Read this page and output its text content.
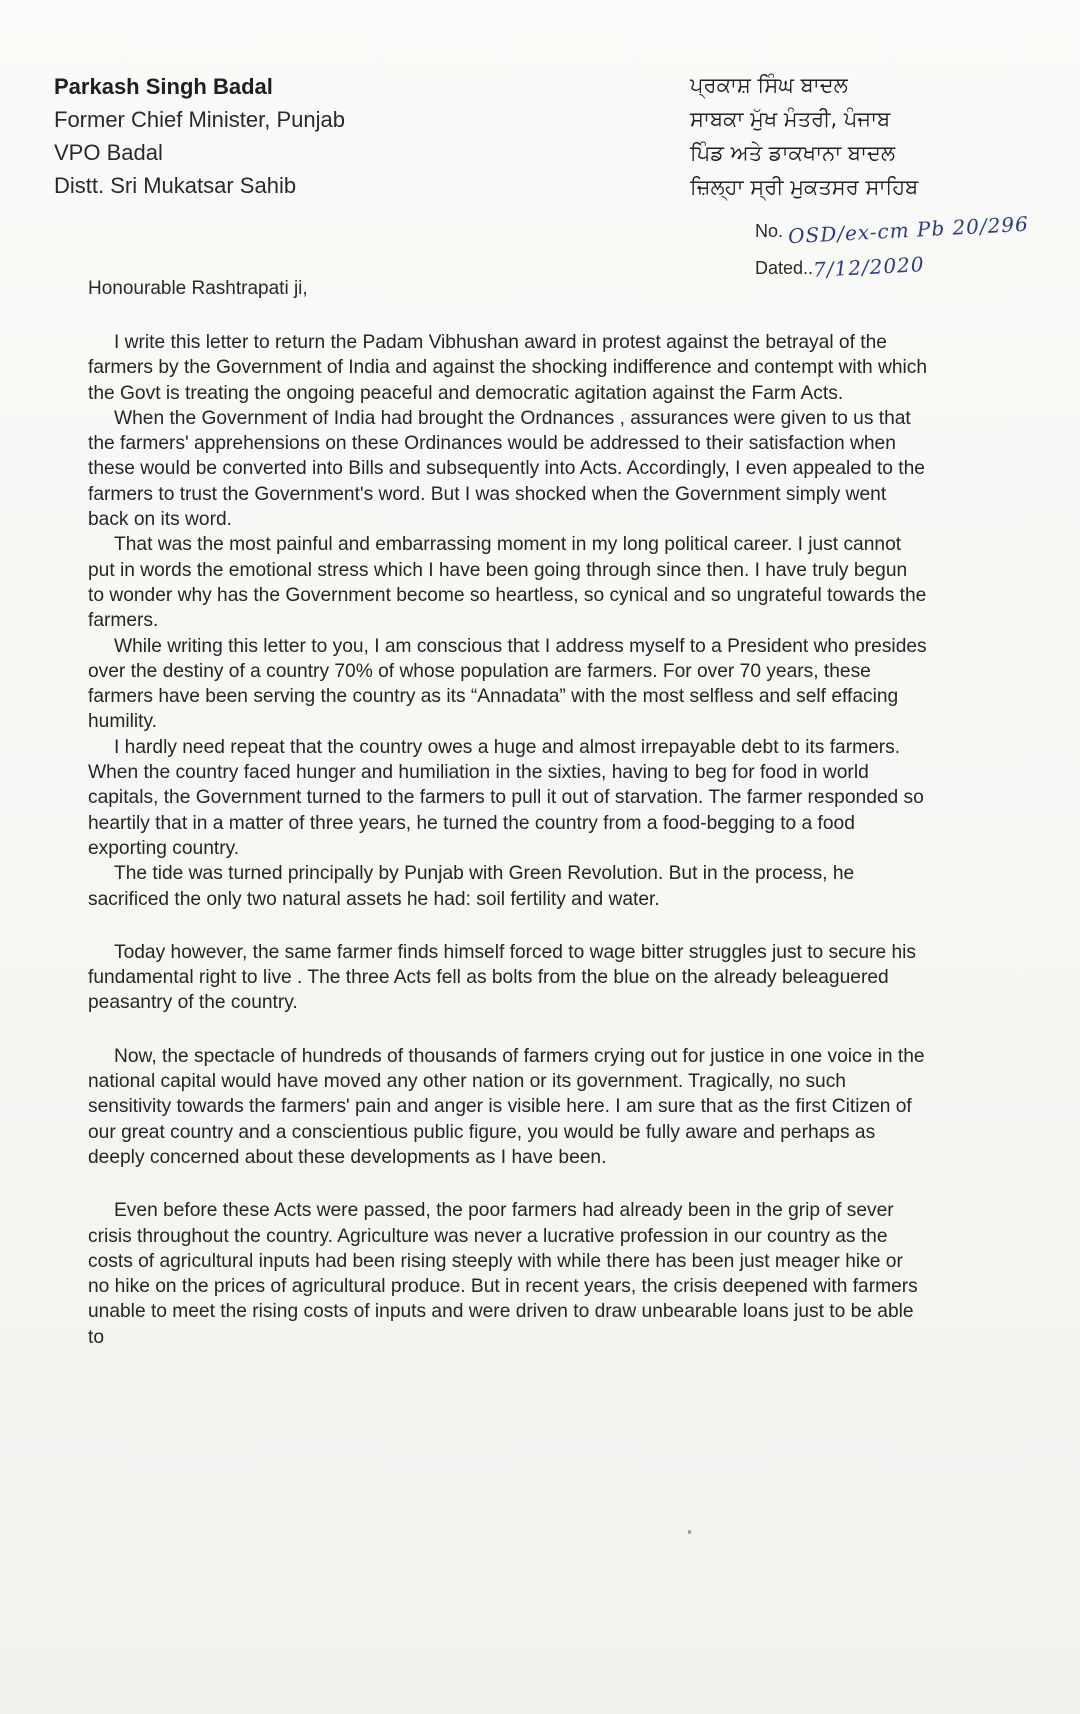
Parkash Singh Badal
Former Chief Minister, Punjab
VPO Badal
Distt. Sri Mukatsar Sahib
ਪ੍ਰਕਾਸ਼ ਸਿੰਘ ਬਾਦਲ
ਸਾਬਕਾ ਮੁੱਖ ਮੰਤਰੀ, ਪੰਜਾਬ
ਪਿੰਡ ਅਤੇ ਡਾਕਖਾਨਾ ਬਾਦਲ
ਜ਼ਿਲ੍ਹਾ ਸ੍ਰੀ ਮੁਕਤਸਰ ਸਾਹਿਬ
No. OSD/ex-cm Pb 20/296
Dated..7/12/2020
Honourable Rashtrapati ji,

I write this letter to return the Padam Vibhushan award in protest against the betrayal of the farmers by the Government of India and against the shocking indifference and contempt with which the Govt is treating the ongoing peaceful and democratic agitation against the Farm Acts.

When the Government of India had brought the Ordnances , assurances were given to us that the farmers' apprehensions on these Ordinances would be addressed to their satisfaction when these would be converted into Bills and subsequently into Acts. Accordingly, I even appealed to the farmers to trust the Government's word. But I was shocked when the Government simply went back on its word.

That was the most painful and embarrassing moment in my long political career. I just cannot put in words the emotional stress which I have been going through since then. I have truly begun to wonder why has the Government become so heartless, so cynical and so ungrateful towards the farmers.

While writing this letter to you, I am conscious that I address myself to a President who presides over the destiny of a country 70% of whose population are farmers. For over 70 years, these farmers have been serving the country as its “Annadata” with the most selfless and self effacing humility.

I hardly need repeat that the country owes a huge and almost irrepayable debt to its farmers. When the country faced hunger and humiliation in the sixties, having to beg for food in world capitals, the Government turned to the farmers to pull it out of starvation. The farmer responded so heartily that in a matter of three years, he turned the country from a food-begging to a food exporting country.

The tide was turned principally by Punjab with Green Revolution. But in the process, he sacrificed the only two natural assets he had: soil fertility and water.

Today however, the same farmer finds himself forced to wage bitter struggles just to secure his fundamental right to live . The three Acts fell as bolts from the blue on the already beleaguered peasantry of the country.

Now, the spectacle of hundreds of thousands of farmers crying out for justice in one voice in the national capital would have moved any other nation or its government. Tragically, no such sensitivity towards the farmers' pain and anger is visible here. I am sure that as the first Citizen of our great country and a conscientious public figure, you would be fully aware and perhaps as deeply concerned about these developments as I have been.

Even before these Acts were passed, the poor farmers had already been in the grip of sever crisis throughout the country. Agriculture was never a lucrative profession in our country as the costs of agricultural inputs had been rising steeply with while there has been just meager hike or no hike on the prices of agricultural produce. But in recent years, the crisis deepened with farmers unable to meet the rising costs of inputs and were driven to draw unbearable loans just to be able to
